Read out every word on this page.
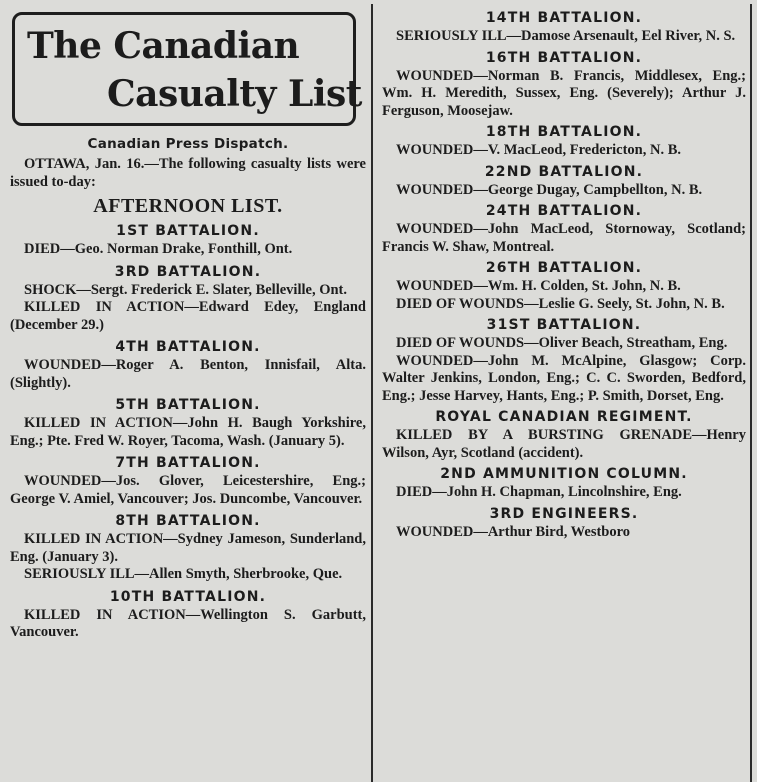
The Canadian
Casualty List
Canadian Press Dispatch.

OTTAWA, Jan. 16.—The following casualty lists were issued to-day:

AFTERNOON LIST.
1ST BATTALION.

DIED—Geo. Norman Drake, Fonthill, Ont.

3RD BATTALION.

SHOCK—Sergt. Frederick E. Slater, Belleville, Ont.

KILLED IN ACTION—Edward Edey, England (December 29.)

4TH BATTALION.

WOUNDED—Roger A. Benton, Innisfail, Alta. (Slightly).

5TH BATTALION.

KILLED IN ACTION—John H. Baugh Yorkshire, Eng.; Pte. Fred W. Royer, Tacoma, Wash. (January 5).

7TH BATTALION.

WOUNDED—Jos. Glover, Leicestershire, Eng.; George V. Amiel, Vancouver; Jos. Duncombe, Vancouver.

8TH BATTALION.

KILLED IN ACTION—Sydney Jameson, Sunderland, Eng. (January 3).

SERIOUSLY ILL—Allen Smyth, Sherbrooke, Que.

10TH BATTALION.

KILLED IN ACTION—Wellington S. Garbutt, Vancouver.

14TH BATTALION.

SERIOUSLY ILL—Damose Arsenault, Eel River, N. S.

16TH BATTALION.

WOUNDED—Norman B. Francis, Middlesex, Eng.; Wm. H. Meredith, Sussex, Eng. (Severely); Arthur J. Ferguson, Moosejaw.

18TH BATTALION.

WOUNDED—V. MacLeod, Fredericton, N. B.

22ND BATTALION.

WOUNDED—George Dugay, Campbellton, N. B.

24TH BATTALION.

WOUNDED—John MacLeod, Stornoway, Scotland; Francis W. Shaw, Montreal.

26TH BATTALION.

WOUNDED—Wm. H. Colden, St. John, N. B.

DIED OF WOUNDS—Leslie G. Seely, St. John, N. B.

31ST BATTALION.

DIED OF WOUNDS—Oliver Beach, Streatham, Eng.

WOUNDED—John M. McAlpine, Glasgow; Corp. Walter Jenkins, London, Eng.; C. C. Sworden, Bedford, Eng.; Jesse Harvey, Hants, Eng.; P. Smith, Dorset, Eng.

ROYAL CANADIAN REGIMENT.

KILLED BY A BURSTING GRENADE—Henry Wilson, Ayr, Scotland (accident).

2ND AMMUNITION COLUMN.

DIED—John H. Chapman, Lincolnshire, Eng.

3RD ENGINEERS.

WOUNDED—Arthur Bird, Westboro
